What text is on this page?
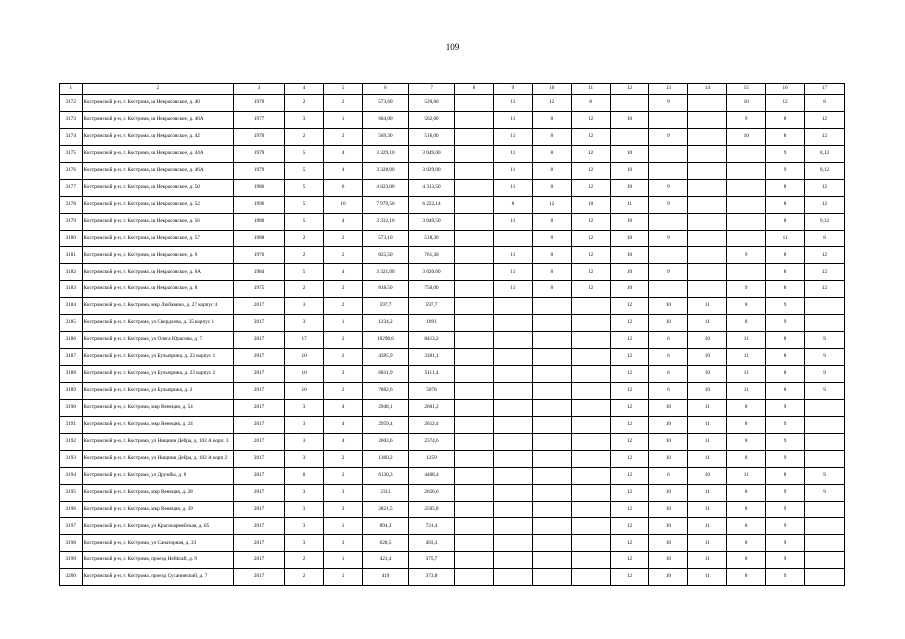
109
1	2	3	4	5	6	7	8	9	10	11	12	13	14	15	16	17
3172	Костромской р-н, г. Кострома, ш Некрасовское, д. 40	1970	2	2	573,60	520,60		11	12	8		9		10	12	8
3173	Костромской р-н, г. Кострома, ш Некрасовское, д. 40А	1977	3	1	604,00	562,00		11	8	12	10			9	8	12
3174	Костромской р-н, г. Кострома, ш Некрасовское, д. 42	1970	2	2	569,30	516,00		11	8	12		9		10	8	12
3175	Костромской р-н, г. Кострома, ш Некрасовское, д. 44А	1979	5	4	3 329,10	3 049,00		11	8	12	10				9	8,12
3176	Костромской р-н, г. Кострома, ш Некрасовское, д. 46А	1979	5	4	3 328,00	3 029,00		11	8	12	10				9	8,12
3177	Костромской р-н, г. Кострома, ш Некрасовское, д. 50	1986	5	6	4 823,00	4 313,50		11	8	12	10	9			8	12
3178	Костромской р-н, г. Кострома, ш Некрасовское, д. 52	1996	5	10	7 979,50	6 222,14		8	12	10	11	9			8	12
3179	Костромской р-н, г. Кострома, ш Некрасовское, д. 56	1980	5	4	3 332,10	3 049,50		11	8	12	10				8	9,12
3180	Костромской р-н, г. Кострома, ш Некрасовское, д. 57	1988	2	2	573,10	518,30			8	12	10	9			11	8
3181	Костромской р-н, г. Кострома, ш Некрасовское, д. 6	1976	2	2	825,50	761,30		11	8	12	10			9	8	12
3182	Костромской р-н, г. Кострома, ш Некрасовское, д. 6А	1984	5	4	3 321,00	3 020,60		11	8	12	10	9			8	12
3183	Костромской р-н, г. Кострома, ш Некрасовское, д. 8	1975	2	2	818,50	750,00		11	8	12	10			9	8	12
3184	Костромской р-н, г. Кострома, мкр Любавино, д. 27 корпус 4	2017	3	2	597,7	597,7					12	10	11	8	9	
3185	Костромской р-н, г. Кострома, ул Свердлова, д. 35 корпус 1	2017	3	1	1234,2	1091					12	10	11	8	9	
3186	Костромской р-н, г. Кострома, ул Олега Юрасова, д. 7	2017	17	2	10298,6	8413,2					12	6	10	11	8	9
3187	Костромской р-н, г. Кострома, ул Булычрина, д. 23 корпус 1	2017	10	2	4385,9	3301,1					12	6	10	11	8	9
3188	Костромской р-н, г. Кострома, ул Булычрина, д. 23 корпус 2	2017	10	3	6831,9	5111,4					12	6	10	11	8	9
3189	Костромской р-н, г. Кострома, ул Булычрина, д. 2	2017	10	2	7882,6	5078					12	6	10	11	8	9
3190	Костромской р-н, г. Кострома, мкр Венеция, д. 54	2017	3	4	2948,1	2601,2					12	10	11	8	9	
3191	Костромской р-н, г. Кострома, мкр Венеция, д. 24	2017	3	4	2959,4	2612,4					12	10	11	8	9	
3192	Костромской р-н, г. Кострома, ул Нищнии Дебра, д. 102 А корп. 3	2017	3	4	2602,6	2374,6					12	10	11	8	9	
3193	Костромской р-н, г. Кострома, ул Нищнии Дебра, д. 102 А корп 2	2017	3	2	1360,2	1259					12	10	11	8	9	
3194	Костромской р-н, г. Кострома, ул Дружбы, д. 8	2017	8	2	6130,3	4468,4					12	6	10	11	8	9
3195	Костромской р-н, г. Кострома, мкр Венеция, д. 28	2017	3	3	2311	2056,6					12	10	11	8	9	9
3196	Костромской р-н, г. Кострома, мкр Венеция, д. 39	2017	3	3	2821,5	2505,8					12	10	11	8	9	
3197	Костромской р-н, г. Кострома, ул Красноармейская, д. 85	2017	3	1	894,3	731,4					12	10	11	8	9	
3198	Костромской р-н, г. Кострома, ул Санаторная, д. 33	2017	3	3	628,5	493,3					12	10	11	8	9	
3199	Костромской р-н, г. Кострома, проезд Heftkraft, д. 9	2017	2	1	421,4	375,7					12	10	11	8	9	
3200	Костромской р-н, г. Кострома, проезд Сусанинский, д. 7	2017	2	1	419	373,8					12	10	11	8	9	
